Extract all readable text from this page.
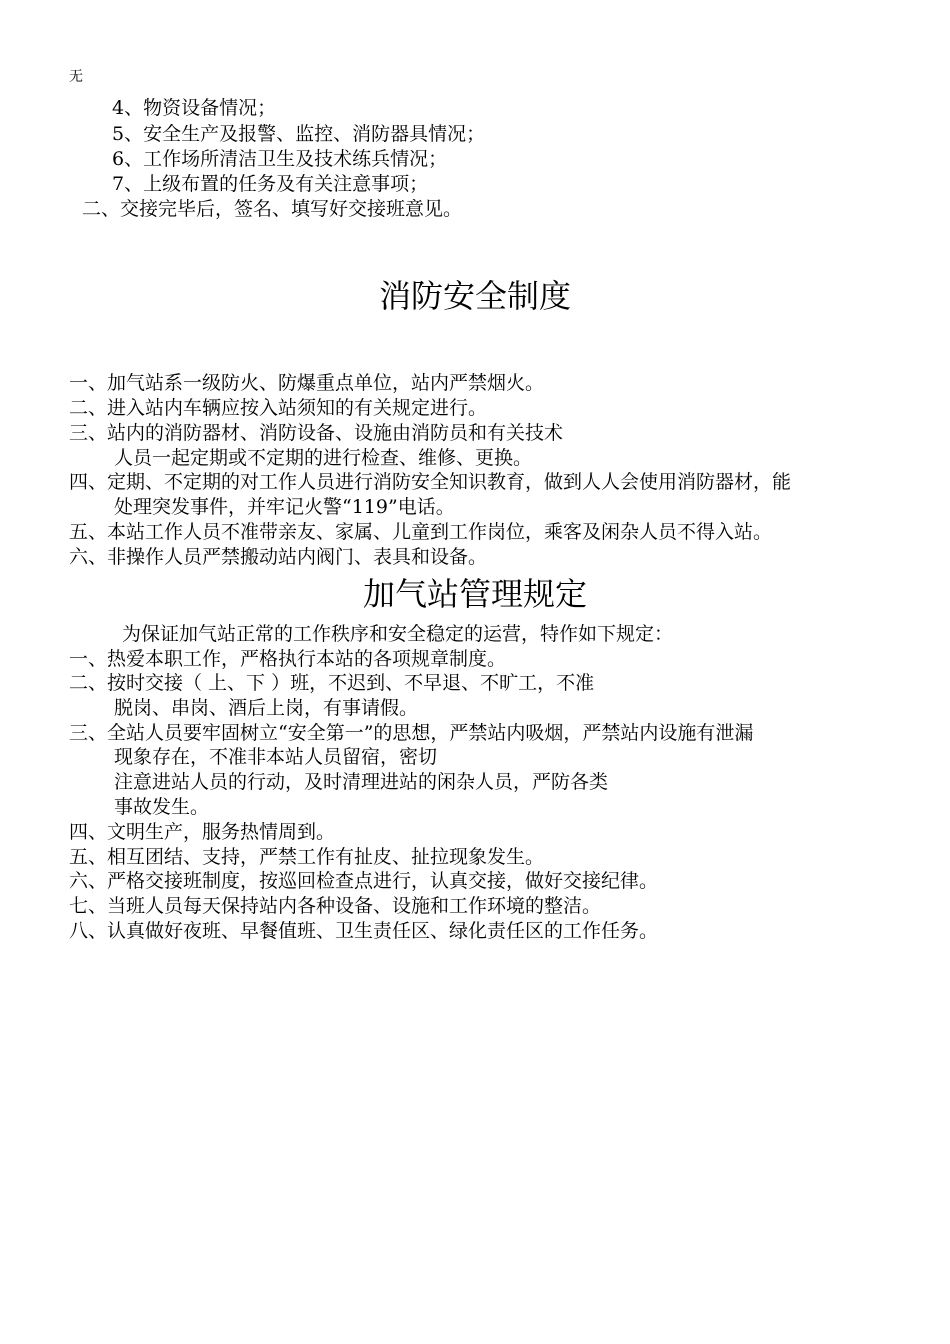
无
4、物资设备情况；
5、安全生产及报警、监控、消防器具情况；
6、工作场所清洁卫生及技术练兵情况；
7、上级布置的任务及有关注意事项；
二、交接完毕后，签名、填写好交接班意见。
消防安全制度
一、加气站系一级防火、防爆重点单位，站内严禁烟火。
二、进入站内车辆应按入站须知的有关规定进行。
三、站内的消防器材、消防设备、设施由消防员和有关技术
人员一起定期或不定期的进行检查、维修、更换。
四、定期、不定期的对工作人员进行消防安全知识教育，做到人人会使用消防器材，能
处理突发事件，并牢记火警“119”电话。
五、本站工作人员不准带亲友、家属、儿童到工作岗位，乘客及闲杂人员不得入站。
六、非操作人员严禁搬动站内阀门、表具和设备。
加气站管理规定
为保证加气站正常的工作秩序和安全稳定的运营，特作如下规定：
一、热爱本职工作，严格执行本站的各项规章制度。
二、按时交接（ 上、下 ）班，不迟到、不早退、不旷工，不准
脱岗、串岗、酒后上岗，有事请假。
三、全站人员要牢固树立“安全第一”的思想，严禁站内吸烟，严禁站内设施有泄漏
现象存在，不准非本站人员留宿，密切
注意进站人员的行动，及时清理进站的闲杂人员，严防各类
事故发生。
四、文明生产，服务热情周到。
五、相互团结、支持，严禁工作有扯皮、扯拉现象发生。
六、严格交接班制度，按巡回检查点进行，认真交接，做好交接纪律。
七、当班人员每天保持站内各种设备、设施和工作环境的整洁。
八、认真做好夜班、早餐值班、卫生责任区、绿化责任区的工作任务。
